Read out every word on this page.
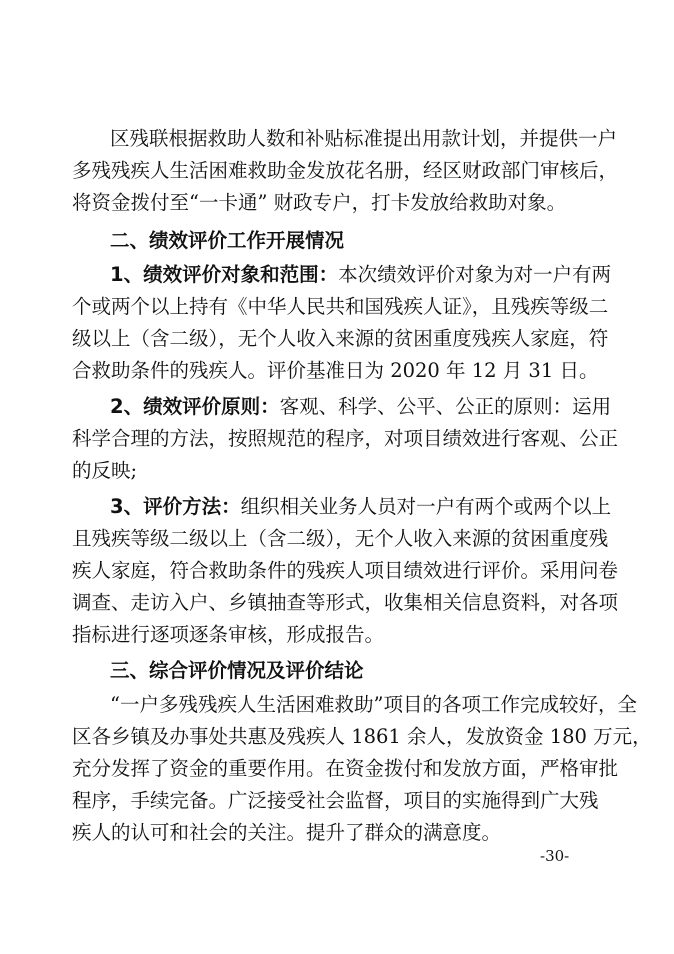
区残联根据救助人数和补贴标准提出用款计划，并提供一户
多残残疾人生活困难救助金发放花名册，经区财政部门审核后，
将资金拨付至“一卡通” 财政专户，打卡发放给救助对象。
二、绩效评价工作开展情况
1、绩效评价对象和范围：本次绩效评价对象为对一户有两
个或两个以上持有《中华人民共和国残疾人证》，且残疾等级二
级以上（含二级），无个人收入来源的贫困重度残疾人家庭，符
合救助条件的残疾人。评价基准日为 2020 年 12 月 31 日。
2、绩效评价原则：客观、科学、公平、公正的原则：运用
科学合理的方法，按照规范的程序，对项目绩效进行客观、公正
的反映;
3、评价方法：组织相关业务人员对一户有两个或两个以上
且残疾等级二级以上（含二级），无个人收入来源的贫困重度残
疾人家庭，符合救助条件的残疾人项目绩效进行评价。采用问卷
调查、走访入户、乡镇抽查等形式，收集相关信息资料，对各项
指标进行逐项逐条审核，形成报告。
三、综合评价情况及评价结论
“一户多残残疾人生活困难救助”项目的各项工作完成较好，全
区各乡镇及办事处共惠及残疾人 1861 余人，发放资金 180 万元，
充分发挥了资金的重要作用。在资金拨付和发放方面，严格审批
程序，手续完备。广泛接受社会监督，项目的实施得到广大残
疾人的认可和社会的关注。提升了群众的满意度。
-30-
